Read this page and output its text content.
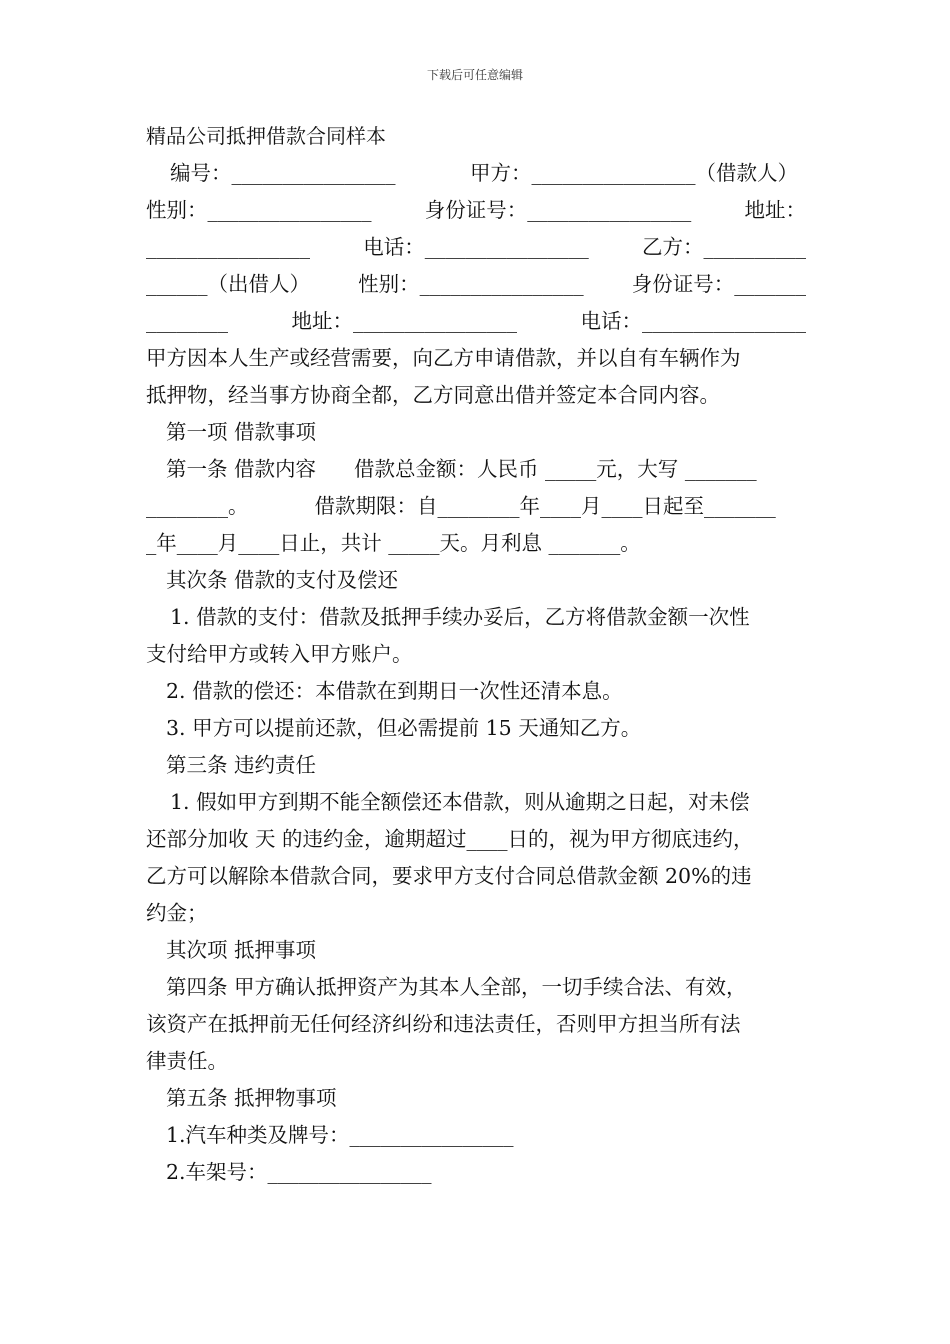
下载后可任意编辑
精品公司抵押借款合同样本
编号：________________	甲方：________________（借款人）
性别：________________	身份证号：________________	地址：
________________	电话：________________	乙方：__________
______（出借人） 性别：________________ 身份证号：_______
________	地址：________________	电话：________________
甲方因本人生产或经营需要，向乙方申请借款，并以自有车辆作为
抵押物，经当事方协商全都，乙方同意出借并签定本合同内容。
第一项 借款事项
第一条 借款内容 借款总金额：人民币 _____元，大写 _______
________。	借款期限：自________年____月____日起至_______
_年____月____日止，共计 _____天。月利息 _______。
其次条 借款的支付及偿还
1. 借款的支付：借款及抵押手续办妥后，乙方将借款金额一次性
支付给甲方或转入甲方账户。
2. 借款的偿还：本借款在到期日一次性还清本息。
3. 甲方可以提前还款，但必需提前 15 天通知乙方。
第三条 违约责任
1. 假如甲方到期不能全额偿还本借款，则从逾期之日起，对未偿
还部分加收 天 的违约金，逾期超过____日的，视为甲方彻底违约，
乙方可以解除本借款合同，要求甲方支付合同总借款金额 20%的违
约金；
其次项 抵押事项
第四条 甲方确认抵押资产为其本人全部，一切手续合法、有效，
该资产在抵押前无任何经济纠纷和违法责任，否则甲方担当所有法
律责任。
第五条 抵押物事项
1.汽车种类及牌号：________________
2.车架号：________________
